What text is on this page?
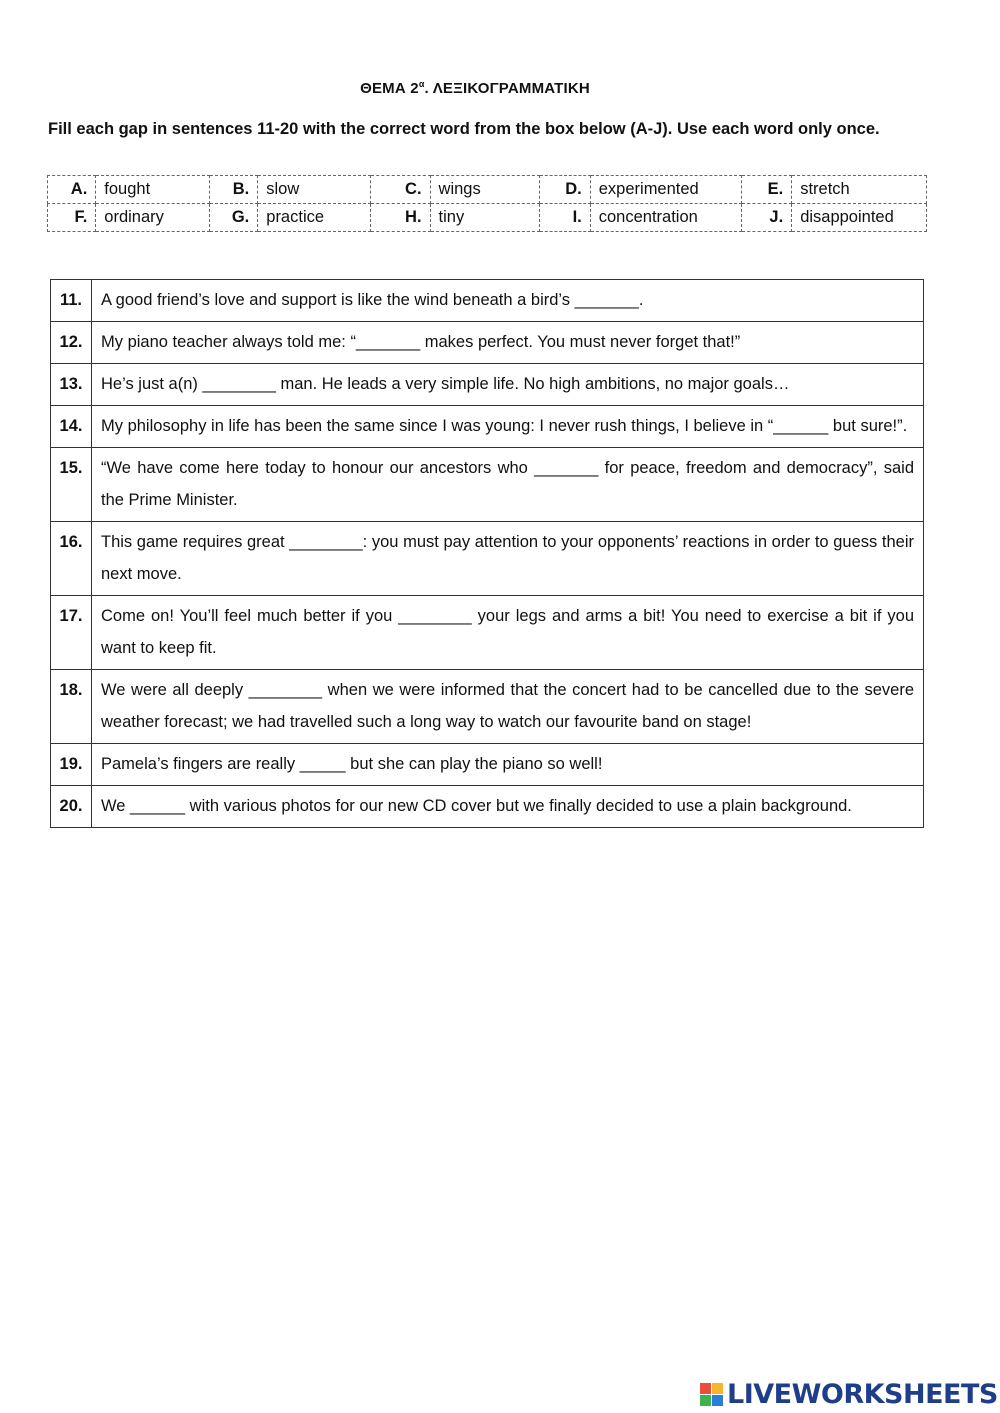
ΘΕΜΑ $2^\alpha$. ΛΕΞΙΚΟΓΡΑΜΜΑΤΙΚΗ
Fill each gap in sentences 11-20 with the correct word from the box below (A-J). Use each word only once.
A.	fought	B.	slow	C.	wings	D.	experimented	E.	stretch
F.	ordinary	G.	practice	H.	tiny	I.	concentration	J.	disappointed
11.	A good friend’s love and support is like the wind beneath a bird’s _______.
12.	My piano teacher always told me: “_______ makes perfect. You must never forget that!”
13.	He’s just a(n) ________ man. He leads a very simple life. No high ambitions, no major goals…
14.	My philosophy in life has been the same since I was young: I never rush things, I believe in “______ but sure!”.
15.	“We have come here today to honour our ancestors who _______ for peace, freedom and democracy”, said the Prime Minister.
16.	This game requires great ________: you must pay attention to your opponents’ reactions in order to guess their next move.
17.	Come on! You’ll feel much better if you ________ your legs and arms a bit! You need to exercise a bit if you want to keep fit.
18.	We were all deeply ________ when we were informed that the concert had to be cancelled due to the severe weather forecast; we had travelled such a long way to watch our favourite band on stage!
19.	Pamela’s fingers are really _____ but she can play the piano so well!
20.	We ______ with various photos for our new CD cover but we finally decided to use a plain background.
LIVEWORKSHEETS
